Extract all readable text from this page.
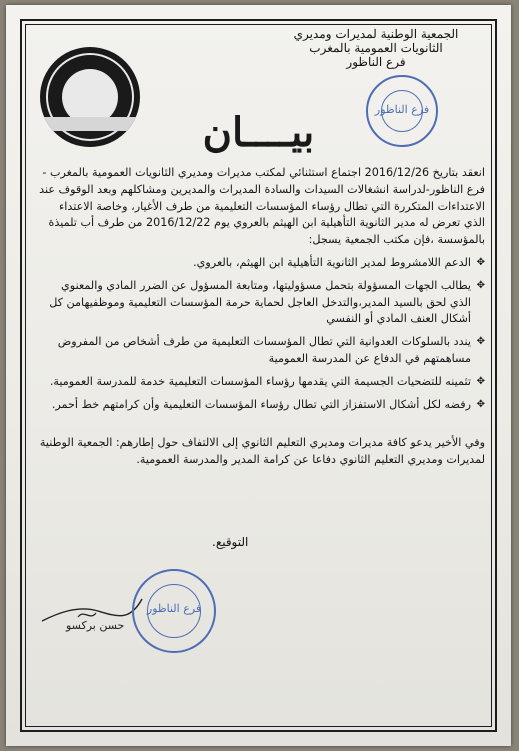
الجمعية الوطنية لمديرات ومديري
الثانويات العمومية بالمغرب
فرع الناظور
فرع الناظور
بيــــان

انعقد بتاريخ 2016/12/26 اجتماع استثنائي لمكتب مديرات ومديري الثانويات العمومية بالمغرب - فرع الناظور-لدراسة انشغالات السيدات والسادة المديرات والمديرين ومشاكلهم وبعد الوقوف عند الاعتداءات المتكررة التي تطال رؤساء المؤسسات التعليمية من طرف الأغيار، وخاصة الاعتداء الذي تعرض له مدير الثانوية التأهيلية ابن الهيثم بالعروي يوم 2016/12/22 من طرف أب تلميذة بالمؤسسة ،فإن مكتب الجمعية يسجل:

✥ الدعم اللامشروط لمدير الثانوية التأهيلية ابن الهيثم، بالعروي.
✥ يطالب الجهات المسؤولة بتحمل مسؤوليتها، ومتابعة المسؤول عن الضرر المادي والمعنوي الذي لحق بالسيد المدير،والتدخل العاجل لحماية حرمة المؤسسات التعليمية وموظفيهامن كل أشكال العنف المادي أو النفسي
✥ يندد بالسلوكات العدوانية التي تطال المؤسسات التعليمية من طرف أشخاص من المفروض مساهمتهم في الدفاع عن المدرسة العمومية
✥ تثمينه للتضحيات الجسيمة التي يقدمها رؤساء المؤسسات التعليمية خدمة للمدرسة العمومية.
✥ رفضه لكل أشكال الاستفزاز التي تطال رؤساء المؤسسات التعليمية وأن كرامتهم خط أحمر.

وفي الأخير يدعو كافة مديرات ومديري التعليم الثانوي إلى الالتفاف حول إطارهم: الجمعية الوطنية لمديرات ومديري التعليم الثانوي دفاعا عن كرامة المدير والمدرسة العمومية.

التوقيع.
حسن بركسو
فرع الناظور
